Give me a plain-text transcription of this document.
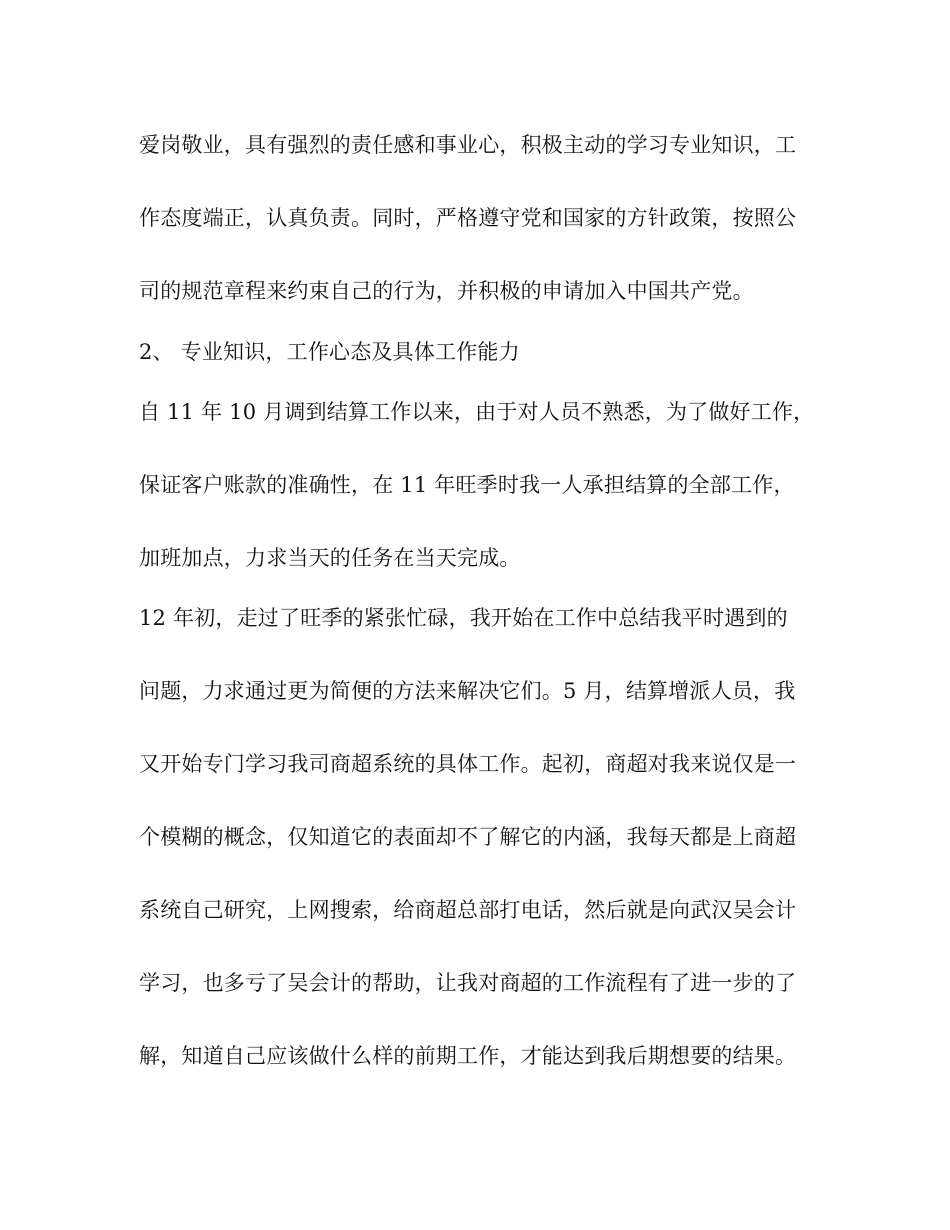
爱岗敬业，具有强烈的责任感和事业心，积极主动的学习专业知识，工
作态度端正，认真负责。同时，严格遵守党和国家的方针政策，按照公
司的规范章程来约束自己的行为，并积极的申请加入中国共产党。
2、 专业知识，工作心态及具体工作能力
自 11 年 10 月调到结算工作以来，由于对人员不熟悉，为了做好工作，
保证客户账款的准确性，在 11 年旺季时我一人承担结算的全部工作，
加班加点，力求当天的任务在当天完成。
12 年初，走过了旺季的紧张忙碌，我开始在工作中总结我平时遇到的
问题，力求通过更为简便的方法来解决它们。5 月，结算增派人员，我
又开始专门学习我司商超系统的具体工作。起初，商超对我来说仅是一
个模糊的概念，仅知道它的表面却不了解它的内涵，我每天都是上商超
系统自己研究，上网搜索，给商超总部打电话，然后就是向武汉吴会计
学习，也多亏了吴会计的帮助，让我对商超的工作流程有了进一步的了
解，知道自己应该做什么样的前期工作，才能达到我后期想要的结果。
